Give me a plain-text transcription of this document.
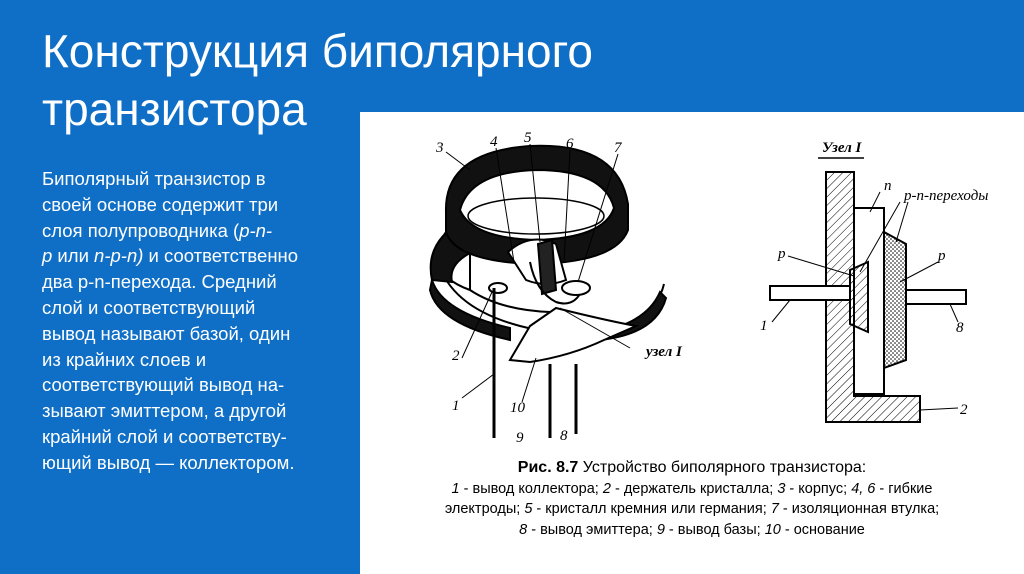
Конструкция биполярного
транзистора
Биполярный транзистор в
своей основе содержит три
слоя полупроводника (р-n-
р или n-p-n) и соответственно
два p-n-перехода. Средний
слой и соответствующий
вывод называют базой, один
из крайних слоев и
соответствующий вывод на-
зывают эмиттером, а другой
крайний слой и соответству-
ющий вывод — коллектором.
3	4 5 6	7
2
1	10
9 8
узел I
Узел I
n
p-n-переходы
p	p
1	8
2
Рис. 8.7 Устройство биполярного транзистора:
1 - вывод коллектора; 2 - держатель кристалла; 3 - корпус; 4, 6 - гибкие
электроды; 5 - кристалл кремния или германия; 7 - изоляционная втулка;
8 - вывод эмиттера; 9 - вывод базы; 10 - основание
